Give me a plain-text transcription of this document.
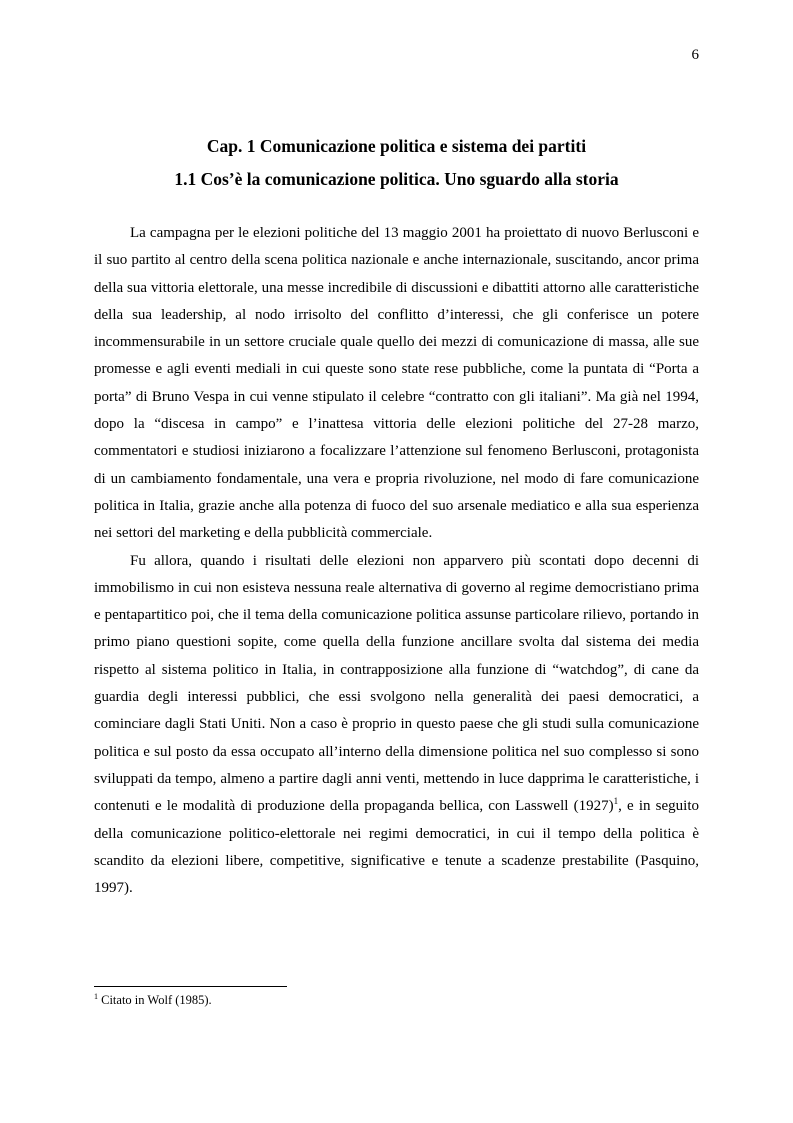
6

Cap. 1 Comunicazione politica e sistema dei partiti

1.1 Cos’è la comunicazione politica. Uno sguardo alla storia

La campagna per le elezioni politiche del 13 maggio 2001 ha proiettato di nuovo Berlusconi e il suo partito al centro della scena politica nazionale e anche internazionale, suscitando, ancor prima della sua vittoria elettorale, una messe incredibile di discussioni e dibattiti attorno alle caratteristiche della sua leadership, al nodo irrisolto del conflitto d’interessi, che gli conferisce un potere incommensurabile in un settore cruciale quale quello dei mezzi di comunicazione di massa, alle sue promesse e agli eventi mediali in cui queste sono state rese pubbliche, come la puntata di “Porta a porta” di Bruno Vespa in cui venne stipulato il celebre “contratto con gli italiani”. Ma già nel 1994, dopo la “discesa in campo” e l’inattesa vittoria delle elezioni politiche del 27-28 marzo, commentatori e studiosi iniziarono a focalizzare l’attenzione sul fenomeno Berlusconi, protagonista di un cambiamento fondamentale, una vera e propria rivoluzione, nel modo di fare comunicazione politica in Italia, grazie anche alla potenza di fuoco del suo arsenale mediatico e alla sua esperienza nei settori del marketing e della pubblicità commerciale.

Fu allora, quando i risultati delle elezioni non apparvero più scontati dopo decenni di immobilismo in cui non esisteva nessuna reale alternativa di governo al regime democristiano prima e pentapartitico poi, che il tema della comunicazione politica assunse particolare rilievo, portando in primo piano questioni sopite, come quella della funzione ancillare svolta dal sistema dei media rispetto al sistema politico in Italia, in contrapposizione alla funzione di “watchdog”, di cane da guardia degli interessi pubblici, che essi svolgono nella generalità dei paesi democratici, a cominciare dagli Stati Uniti. Non a caso è proprio in questo paese che gli studi sulla comunicazione politica e sul posto da essa occupato all’interno della dimensione politica nel suo complesso si sono sviluppati da tempo, almeno a partire dagli anni venti, mettendo in luce dapprima le caratteristiche, i contenuti e le modalità di produzione della propaganda bellica, con Lasswell $(1927)^1$, e in seguito della comunicazione politico-elettorale nei regimi democratici, in cui il tempo della politica è scandito da elezioni libere, competitive, significative e tenute a scadenze prestabilite (Pasquino, 1997).

$^1$ Citato in Wolf (1985).
